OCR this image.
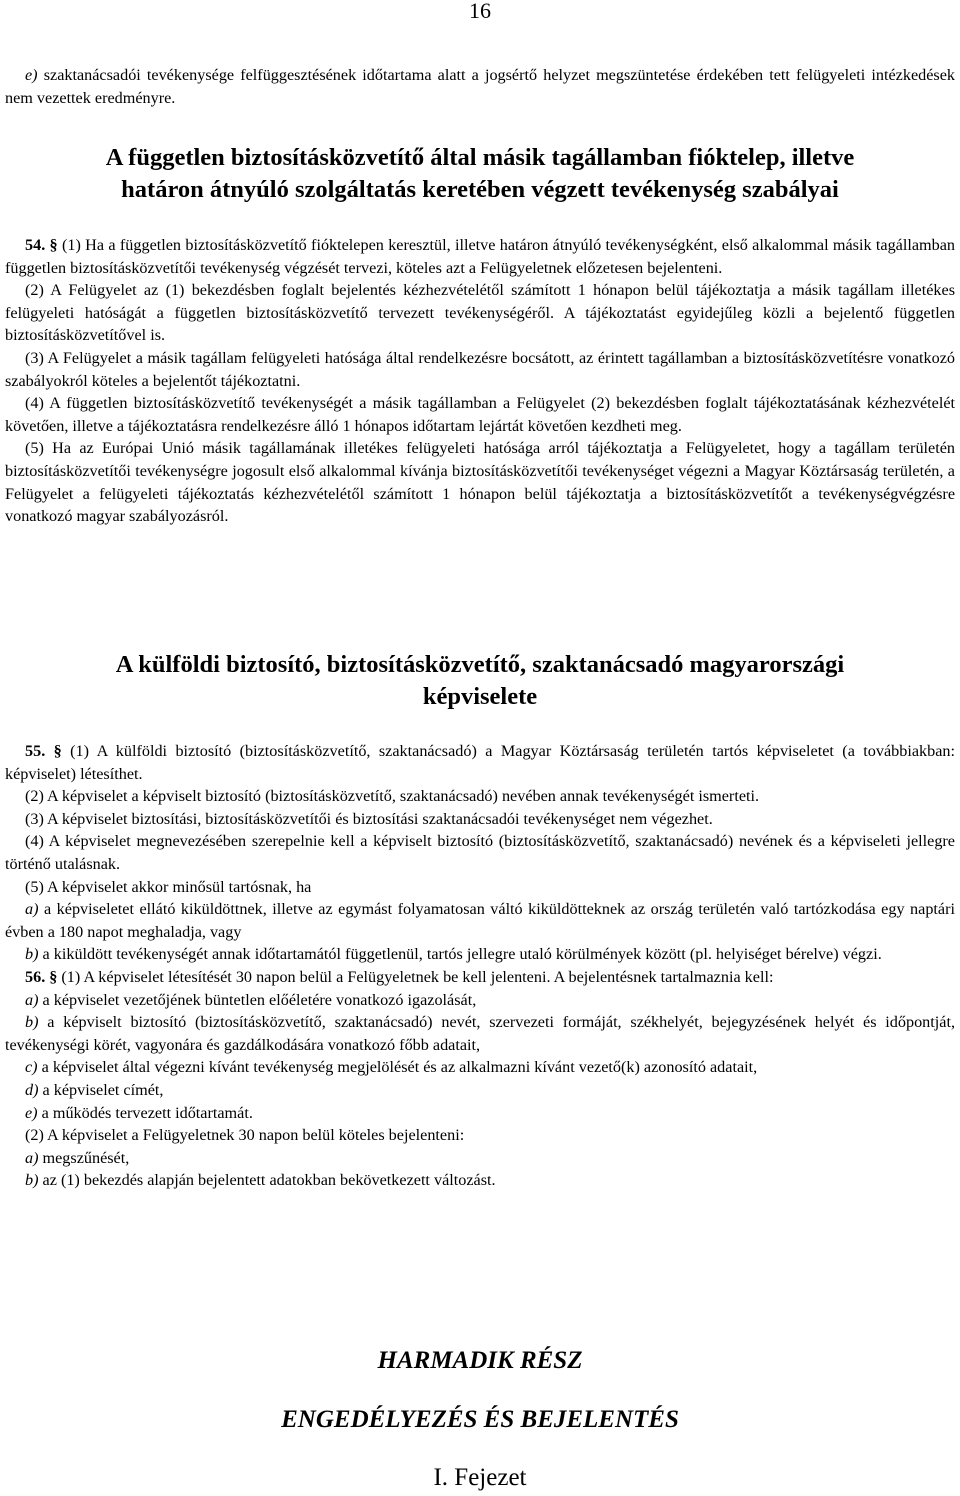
16

e) szaktanácsadói tevékenysége felfüggesztésének időtartama alatt a jogsértő helyzet megszüntetése érdekében tett felügyeleti intézkedések nem vezettek eredményre.

A független biztosításközvetítő által másik tagállamban fióktelep, illetve
határon átnyúló szolgáltatás keretében végzett tevékenység szabályai

54. § (1) Ha a független biztosításközvetítő fióktelepen keresztül, illetve határon átnyúló tevékenységként, első alkalommal másik tagállamban független biztosításközvetítői tevékenység végzését tervezi, köteles azt a Felügyeletnek előzetesen bejelenteni.

(2) A Felügyelet az (1) bekezdésben foglalt bejelentés kézhezvételétől számított 1 hónapon belül tájékoztatja a másik tagállam illetékes felügyeleti hatóságát a független biztosításközvetítő tervezett tevékenységéről. A tájékoztatást egyidejűleg közli a bejelentő független biztosításközvetítővel is.

(3) A Felügyelet a másik tagállam felügyeleti hatósága által rendelkezésre bocsátott, az érintett tagállamban a biztosításközvetítésre vonatkozó szabályokról köteles a bejelentőt tájékoztatni.

(4) A független biztosításközvetítő tevékenységét a másik tagállamban a Felügyelet (2) bekezdésben foglalt tájékoztatásának kézhezvételét követően, illetve a tájékoztatásra rendelkezésre álló 1 hónapos időtartam lejártát követően kezdheti meg.

(5) Ha az Európai Unió másik tagállamának illetékes felügyeleti hatósága arról tájékoztatja a Felügyeletet, hogy a tagállam területén biztosításközvetítői tevékenységre jogosult első alkalommal kívánja biztosításközvetítői tevékenységet végezni a Magyar Köztársaság területén, a Felügyelet a felügyeleti tájékoztatás kézhezvételétől számított 1 hónapon belül tájékoztatja a biztosításközvetítőt a tevékenységvégzésre vonatkozó magyar szabályozásról.

A külföldi biztosító, biztosításközvetítő, szaktanácsadó magyarországi
képviselete

55. § (1) A külföldi biztosító (biztosításközvetítő, szaktanácsadó) a Magyar Köztársaság területén tartós képviseletet (a továbbiakban: képviselet) létesíthet.

(2) A képviselet a képviselt biztosító (biztosításközvetítő, szaktanácsadó) nevében annak tevékenységét ismerteti.

(3) A képviselet biztosítási, biztosításközvetítői és biztosítási szaktanácsadói tevékenységet nem végezhet.

(4) A képviselet megnevezésében szerepelnie kell a képviselt biztosító (biztosításközvetítő, szaktanácsadó) nevének és a képviseleti jellegre történő utalásnak.

(5) A képviselet akkor minősül tartósnak, ha

a) a képviseletet ellátó kiküldöttnek, illetve az egymást folyamatosan váltó kiküldötteknek az ország területén való tartózkodása egy naptári évben a 180 napot meghaladja, vagy

b) a kiküldött tevékenységét annak időtartamától függetlenül, tartós jellegre utaló körülmények között (pl. helyiséget bérelve) végzi.

56. § (1) A képviselet létesítését 30 napon belül a Felügyeletnek be kell jelenteni. A bejelentésnek tartalmaznia kell:

a) a képviselet vezetőjének büntetlen előéletére vonatkozó igazolását,

b) a képviselt biztosító (biztosításközvetítő, szaktanácsadó) nevét, szervezeti formáját, székhelyét, bejegyzésének helyét és időpontját, tevékenységi körét, vagyonára és gazdálkodására vonatkozó főbb adatait,

c) a képviselet által végezni kívánt tevékenység megjelölését és az alkalmazni kívánt vezető(k) azonosító adatait,

d) a képviselet címét,

e) a működés tervezett időtartamát.

(2) A képviselet a Felügyeletnek 30 napon belül köteles bejelenteni:

a) megszűnését,

b) az (1) bekezdés alapján bejelentett adatokban bekövetkezett változást.

HARMADIK RÉSZ
ENGEDÉLYEZÉS ÉS BEJELENTÉS
I. Fejezet
